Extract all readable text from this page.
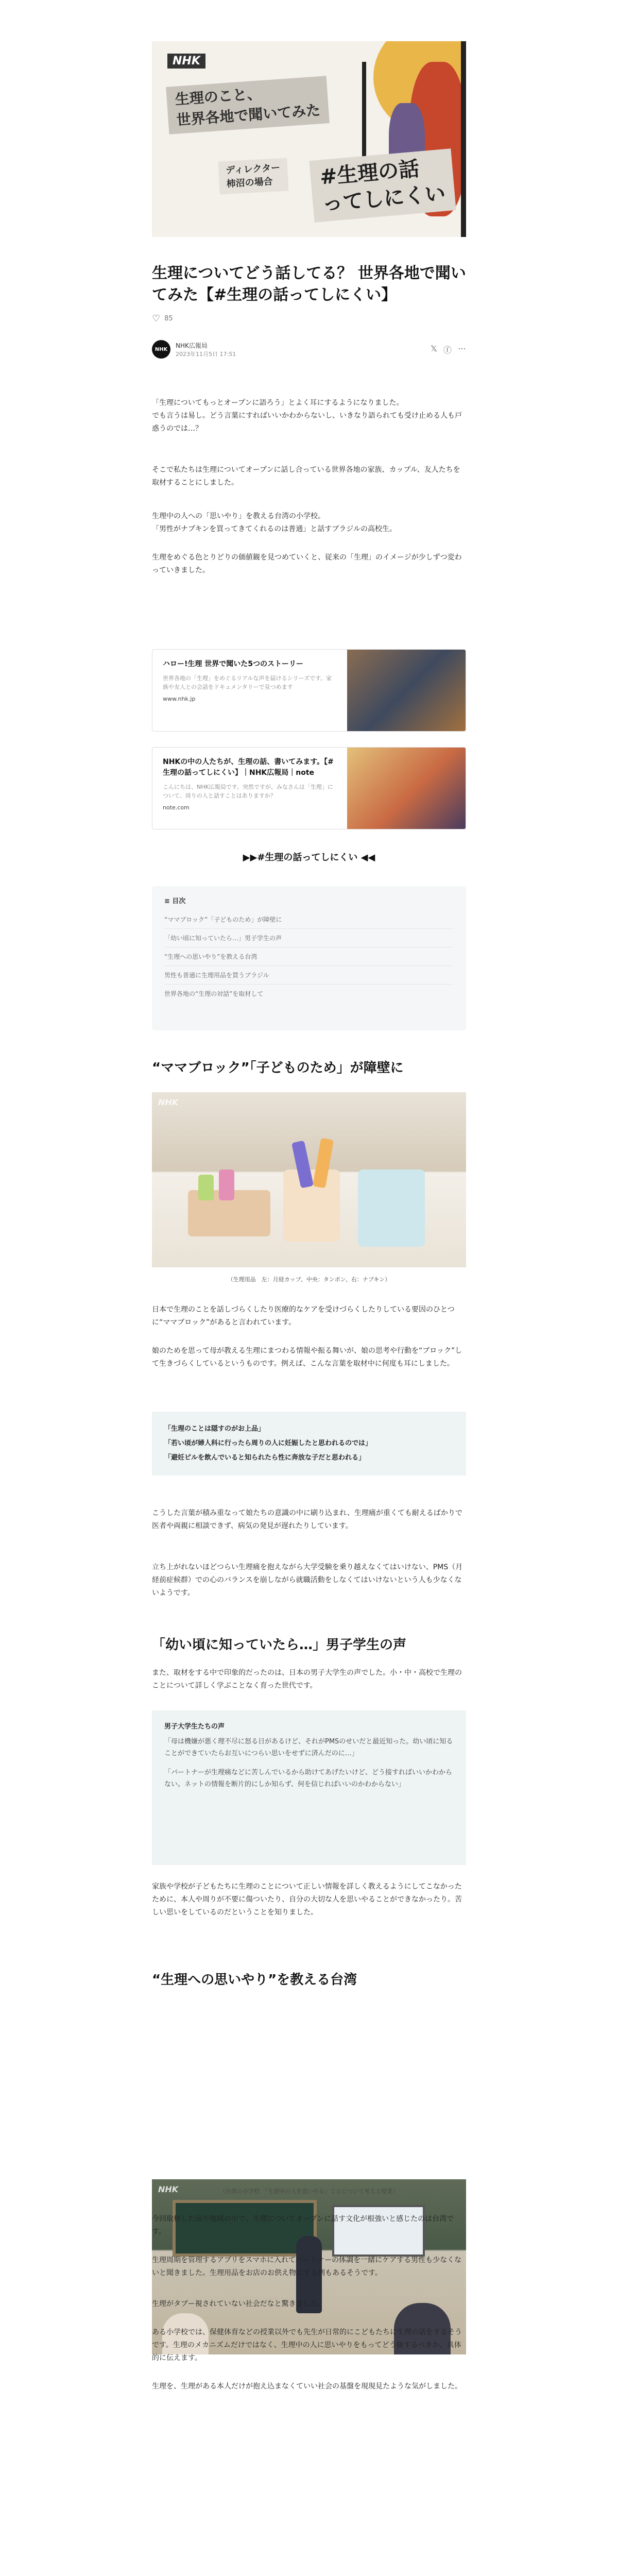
NHK
生理のこと、
世界各地で聞いてみた
ディレクター
柿沼の場合	#生理の話
ってしにくい
生理についてどう話してる？ 世界各地で聞いてみた【#生理の話ってしにくい】
♡ 85
NHK
NHK広報局
2023年11月5日 17:51
𝕏 ⓕ ⋯
「生理についてもっとオープンに語ろう」とよく耳にするようになりました。
でも言うは易し。どう言葉にすればいいかわからないし、いきなり語られても受け止める人も戸惑うのでは…？
そこで私たちは生理についてオープンに話し合っている世界各地の家族、カップル、友人たちを取材することにしました。
生理中の人への「思いやり」を教える台湾の小学校。
「男性がナプキンを買ってきてくれるのは普通」と話すブラジルの高校生。
生理をめぐる色とりどりの価値観を見つめていくと、従来の「生理」のイメージが少しずつ変わっていきました。
ハロー!生理 世界で聞いた5つのストーリー
世界各地の「生理」をめぐるリアルな声を届けるシリーズです。家族や友人との会話をドキュメンタリーで見つめます
www.nhk.jp
NHKの中の人たちが、生理の話、書いてみます。【#生理の話ってしにくい】｜NHK広報局｜note
こんにちは、NHK広報局です。突然ですが、みなさんは「生理」について、周りの人と話すことはありますか？
note.com
▶▶#生理の話ってしにくい ◀◀
≡ 目次
“ママブロック”「子どものため」が障壁に
「幼い頃に知っていたら…」男子学生の声
“生理への思いやり”を教える台湾
男性も普通に生理用品を買うブラジル
世界各地の“生理の対話”を取材して
“ママブロック”「子どものため」が障壁に
NHK
（生理用品　左：月経カップ、中央：タンポン、右：ナプキン）
日本で生理のことを話しづらくしたり医療的なケアを受けづらくしたりしている要因のひとつに“ママブロック”があると言われています。
娘のためを思って母が教える生理にまつわる情報や振る舞いが、娘の思考や行動を“ブロック”して生きづらくしているというものです。例えば、こんな言葉を取材中に何度も耳にしました。
「生理のことは隠すのがお上品」
「若い頃が婦人科に行ったら周りの人に妊娠したと思われるのでは」
「避妊ピルを飲んでいると知られたら性に奔放な子だと思われる」
こうした言葉が積み重なって娘たちの意識の中に刷り込まれ、生理痛が重くても耐えるばかりで医者や両親に相談できず、病気の発見が遅れたりしています。
立ち上がれないほどつらい生理痛を抱えながら大学受験を乗り越えなくてはいけない、PMS（月経前症候群）での心のバランスを崩しながら就職活動をしなくてはいけないという人も少なくないようです。
「幼い頃に知っていたら…」男子学生の声
また、取材をする中で印象的だったのは、日本の男子大学生の声でした。小・中・高校で生理のことについて詳しく学ぶことなく育った世代です。
男子大学生たちの声
「母は機嫌が悪く理不尽に怒る日があるけど、それがPMSのせいだと最近知った。幼い頃に知ることができていたらお互いにつらい思いをせずに済んだのに…」
「パートナーが生理痛などに苦しんでいるから助けてあげたいけど、どう接すればいいかわからない。ネットの情報を断片的にしか知らず、何を信じればいいのかわからない」
家族や学校が子どもたちに生理のことについて正しい情報を詳しく教えるようにしてこなかったために、本人や周りが不要に傷ついたり、自分の大切な人を思いやることができなかったり。苦しい思いをしているのだということを知りました。
“生理への思いやり”を教える台湾
NHK	（台湾の小学校　「生理中の人を思いやる」ことについて考える授業）
今回取材した国や地域の中で、生理についてオープンに話す文化が根強いと感じたのは台湾です。
生理周期を管理するアプリをスマホに入れてパートナーの体調を一緒にケアする男性も少なくないと聞きました。生理用品をお店のお供え物にする例もあるそうです。
生理がタブー視されていない社会だなと驚きました。
ある小学校では、保健体育などの授業以外でも先生が日常的にこどもたちに生理の話をするそうです。生理のメカニズムだけではなく、生理中の人に思いやりをもってどう接するべきか、具体的に伝えます。
生理を、生理がある本人だけが抱え込まなくていい社会の基盤を現現見たような気がしました。
